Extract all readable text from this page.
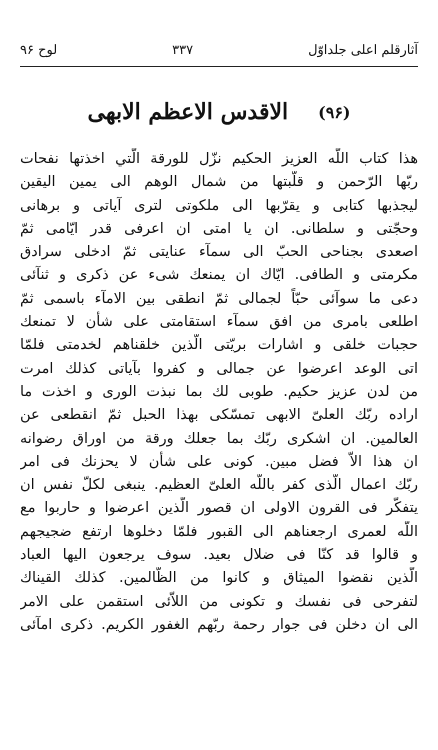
آثارقلم اعلی جلداوّل
۳۳۷
لوح ۹۶
(۹۶)
الاقدس الاعظم الابهی
هذا كتاب اللّه العزيز الحكيم نزّل للورقة الّتي اخذتها نفحات
ربّها الرّحمن و قلّبتها من شمال الوهم الى يمين اليقين
ليجذبها كتابى و يقرّبها الى ملكوتى لترى آياتى و برهانى
وحجّتى و سلطانى. ان يا امتى ان اعرفى قدر ايّامى ثمّ
اصعدى بجناحى الحبّ الى سمآء عنايتى ثمّ ادخلى سرادق
مكرمتى و الطافى. ايّاك ان يمنعك شىء عن ذكرى و ثنآئى
دعى ما سوآئى حبّاً لجمالى ثمّ انطقى بين الامآء باسمى ثمّ
اطلعى بامرى من افق سمآء استقامتى على شأن لا تمنعك
حجبات خلقى و اشارات بريّتى الّذين خلقناهم لخدمتى فلمّا
اتى الوعد اعرضوا عن جمالى و كفروا بآياتى كذلك امرت
من لدن عزيز حكيم. طوبى لك بما نبذت الورى و اخذت ما
اراده ربّك العلىّ الابهى تمسّكى بهذا الحبل ثمّ انقطعى عن
العالمين. ان اشكرى ربّك بما جعلك ورقة من اوراق رضوانه
ان هذا الاّ فضل مبين. كونى على شأن لا يحزنك فى امر
ربّك اعمال الّذى كفر باللّه العلىّ العظيم. ينبغى لكلّ نفس ان
يتفكّر فى القرون الاولى ان قصور الّذين اعرضوا و حاربوا مع
اللّه لعمرى ارجعناهم الى القبور فلمّا دخلوها ارتفع ضجيجهم
و قالوا قد كنّا فى ضلال بعيد. سوف يرجعون اليها العباد
الّذين نقضوا الميثاق و كانوا من الظّالمين. كذلك القيناك
لتفرحى فى نفسك و تكونى من اللاّئى استقمن على الامر
الى ان دخلن فى جوار رحمة ربّهم الغفور الكريم. ذكرى امآئى
